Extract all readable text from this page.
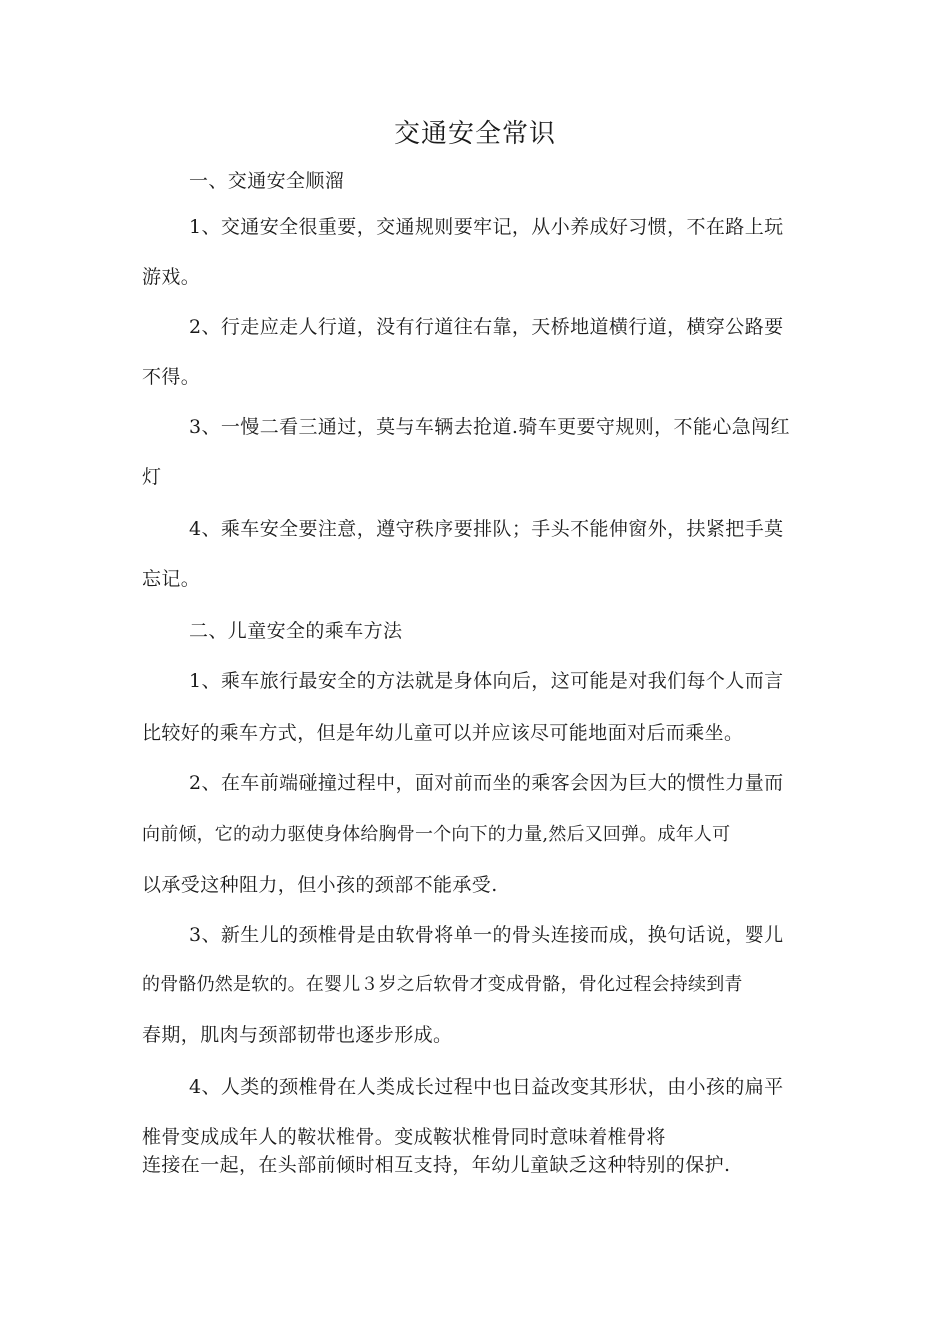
交通安全常识
一、交通安全顺溜
1、交通安全很重要，交通规则要牢记，从小养成好习惯，不在路上玩
游戏。
2、行走应走人行道，没有行道往右靠，天桥地道横行道，横穿公路要
不得。
3、一慢二看三通过，莫与车辆去抢道.骑车更要守规则，不能心急闯红
灯
4、乘车安全要注意，遵守秩序要排队；手头不能伸窗外，扶紧把手莫
忘记。
二、儿童安全的乘车方法
1、乘车旅行最安全的方法就是身体向后，这可能是对我们每个人而言
比较好的乘车方式，但是年幼儿童可以并应该尽可能地面对后而乘坐。
2、在车前端碰撞过程中，面对前而坐的乘客会因为巨大的惯性力量而
向前倾，它的动力驱使身体给胸骨一个向下的力量,然后又回弹。成年人可
以承受这种阻力，但小孩的颈部不能承受.
3、新生儿的颈椎骨是由软骨将单一的骨头连接而成，换句话说，婴儿
的骨骼仍然是软的。在婴儿３岁之后软骨才变成骨骼，骨化过程会持续到青
春期，肌肉与颈部韧带也逐步形成。
4、人类的颈椎骨在人类成长过程中也日益改变其形状，由小孩的扁平
椎骨变成成年人的鞍状椎骨。变成鞍状椎骨同时意味着椎骨将
连接在一起，在头部前倾时相互支持，年幼儿童缺乏这种特别的保护.
